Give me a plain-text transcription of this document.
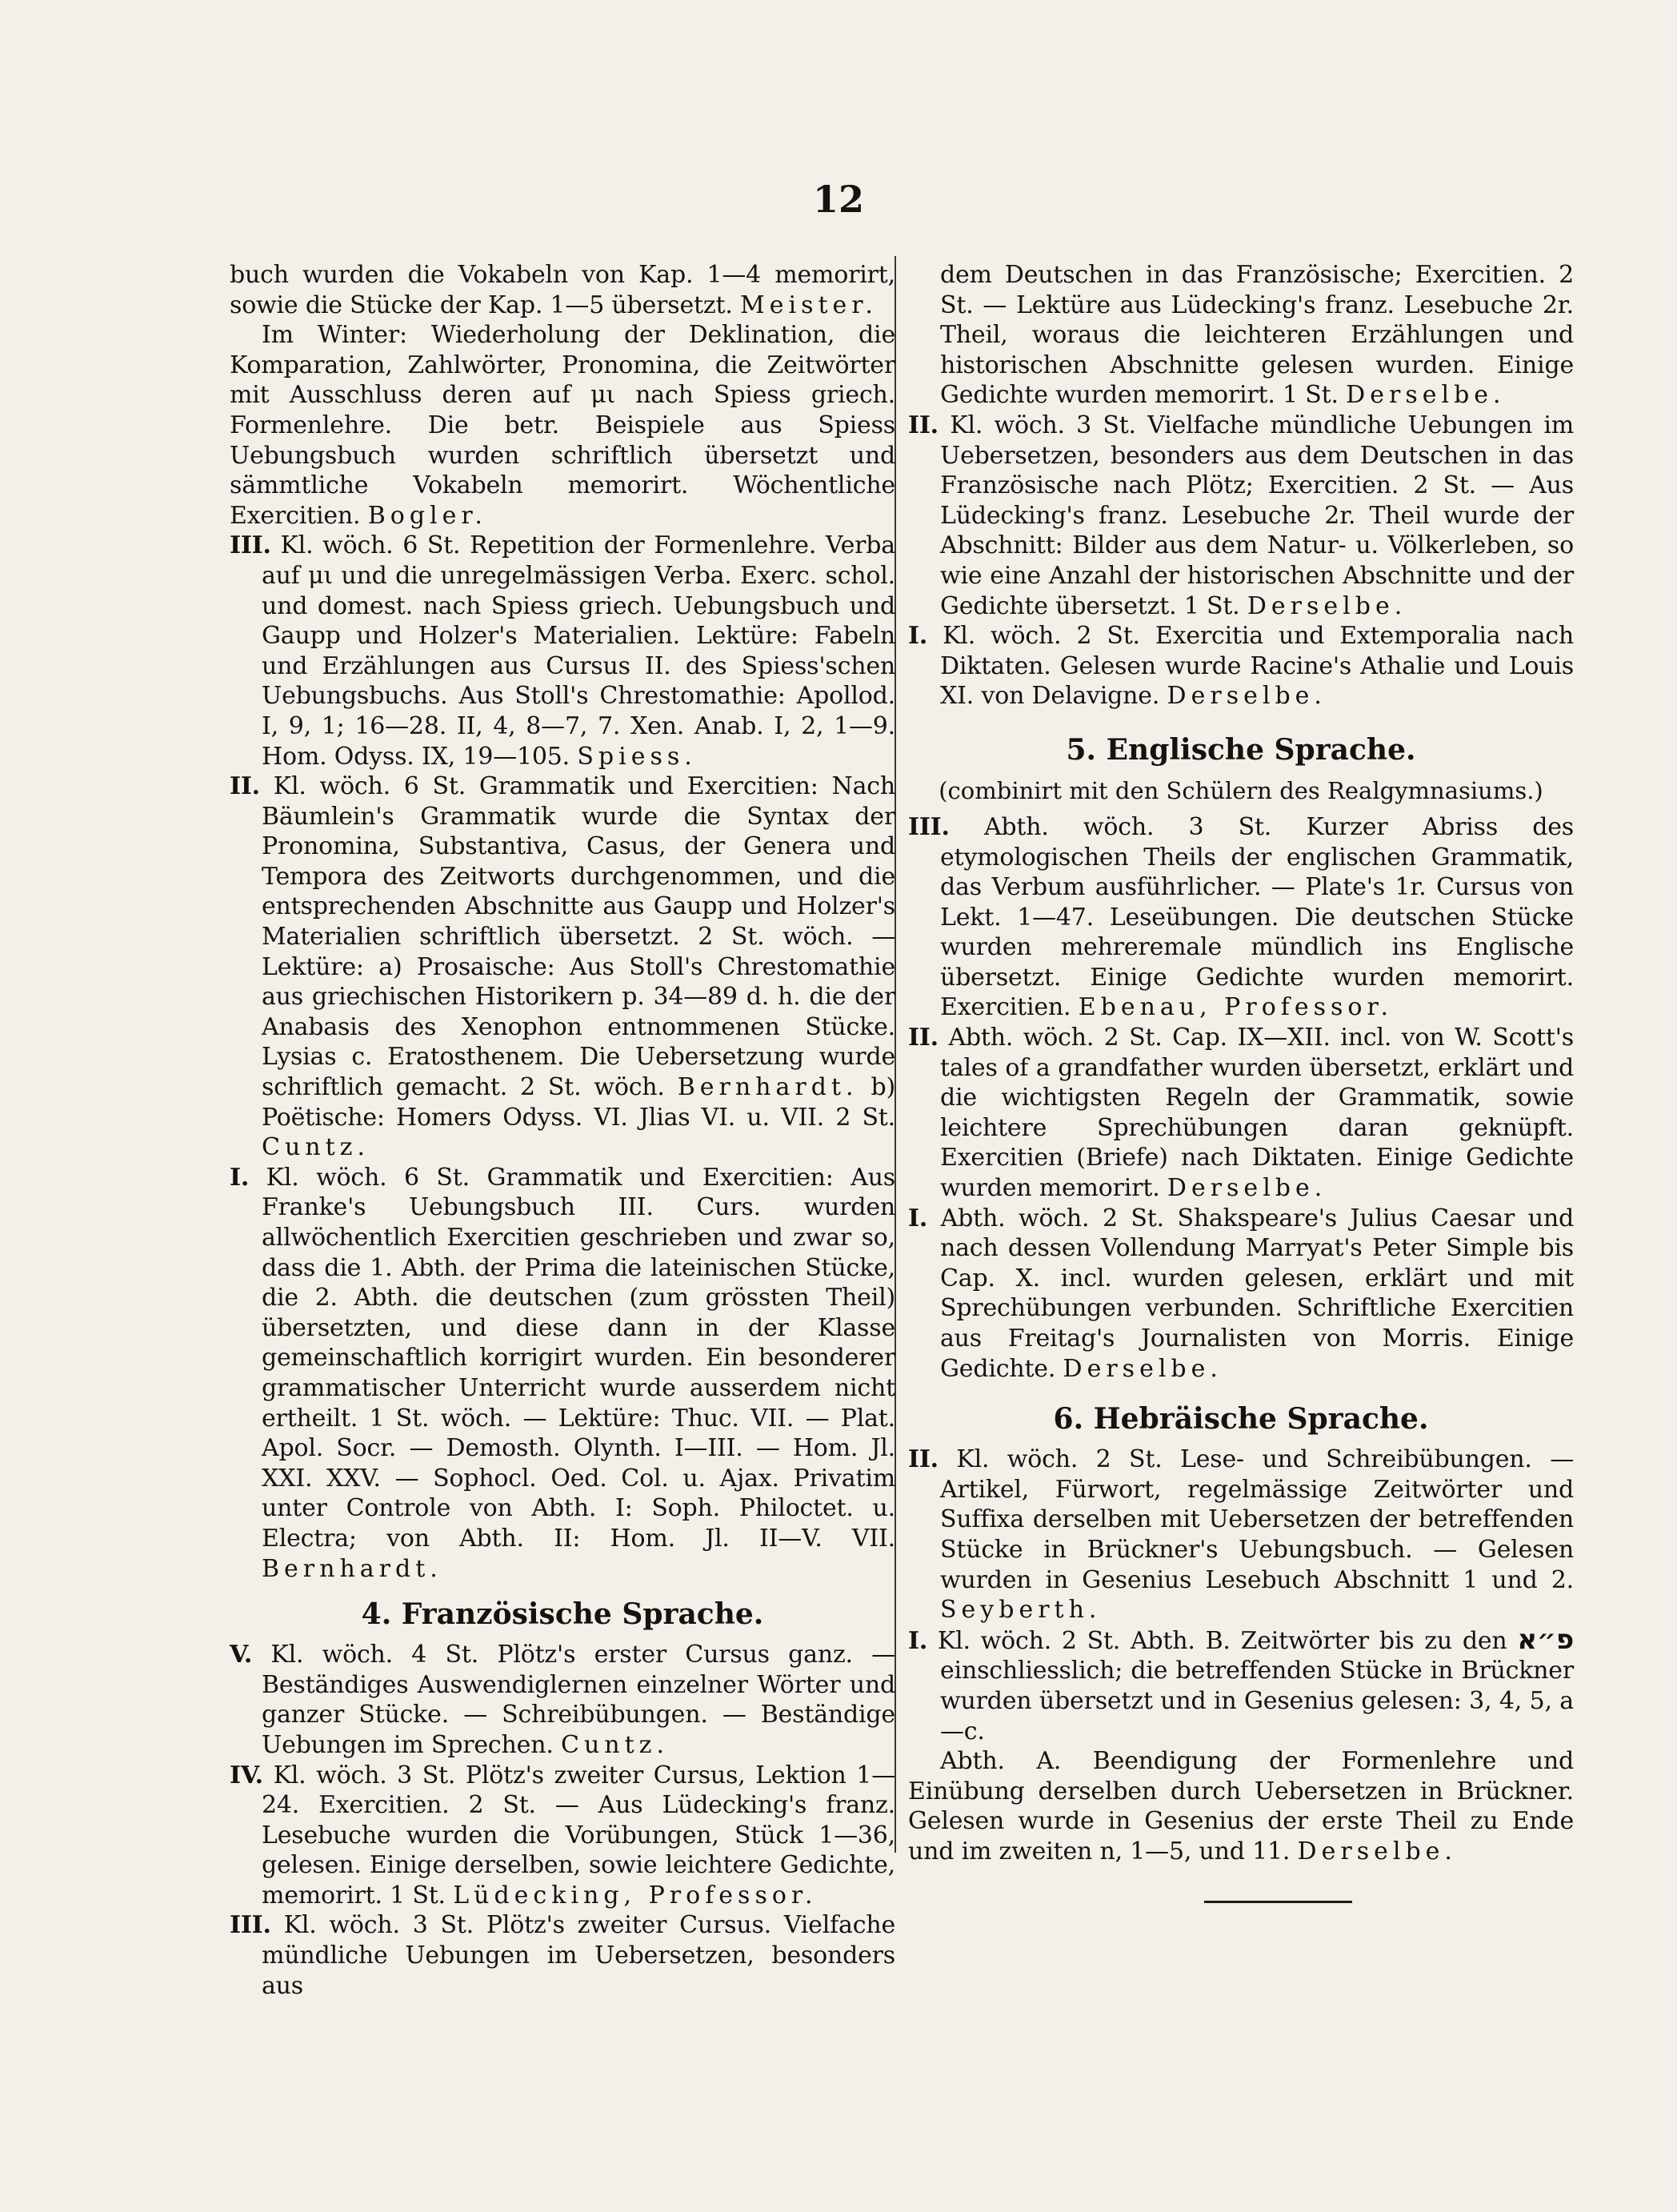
12

buch wurden die Vokabeln von Kap. 1—4 memorirt, sowie die Stücke der Kap. 1—5 übersetzt. Meister.

Im Winter: Wiederholung der Deklination, die Komparation, Zahlwörter, Pronomina, die Zeitwörter mit Ausschluss deren auf μι nach Spiess griech. Formenlehre. Die betr. Beispiele aus Spiess Uebungsbuch wurden schriftlich übersetzt und sämmtliche Vokabeln memorirt. Wöchentliche Exercitien. Bogler.

III. Kl. wöch. 6 St. Repetition der Formenlehre. Verba auf μι und die unregelmässigen Verba. Exerc. schol. und domest. nach Spiess griech. Uebungsbuch und Gaupp und Holzer's Materialien. Lektüre: Fabeln und Erzählungen aus Cursus II. des Spiess'schen Uebungsbuchs. Aus Stoll's Chrestomathie: Apollod. I, 9, 1; 16—28. II, 4, 8—7, 7. Xen. Anab. I, 2, 1—9. Hom. Odyss. IX, 19—105. Spiess.

II. Kl. wöch. 6 St. Grammatik und Exercitien: Nach Bäumlein's Grammatik wurde die Syntax der Pronomina, Substantiva, Casus, der Genera und Tempora des Zeitworts durchgenommen, und die entsprechenden Abschnitte aus Gaupp und Holzer's Materialien schriftlich übersetzt. 2 St. wöch. — Lektüre: a) Prosaische: Aus Stoll's Chrestomathie aus griechischen Historikern p. 34—89 d. h. die der Anabasis des Xenophon entnommenen Stücke. Lysias c. Eratosthenem. Die Uebersetzung wurde schriftlich gemacht. 2 St. wöch. Bernhardt. b) Poëtische: Homers Odyss. VI. Jlias VI. u. VII. 2 St. Cuntz.

I. Kl. wöch. 6 St. Grammatik und Exercitien: Aus Franke's Uebungsbuch III. Curs. wurden allwöchentlich Exercitien geschrieben und zwar so, dass die 1. Abth. der Prima die lateinischen Stücke, die 2. Abth. die deutschen (zum grössten Theil) übersetzten, und diese dann in der Klasse gemeinschaftlich korrigirt wurden. Ein besonderer grammatischer Unterricht wurde ausserdem nicht ertheilt. 1 St. wöch. — Lektüre: Thuc. VII. — Plat. Apol. Socr. — Demosth. Olynth. I—III. — Hom. Jl. XXI. XXV. — Sophocl. Oed. Col. u. Ajax. Privatim unter Controle von Abth. I: Soph. Philoctet. u. Electra; von Abth. II: Hom. Jl. II—V. VII. Bernhardt.

4. Französische Sprache.

V. Kl. wöch. 4 St. Plötz's erster Cursus ganz. — Beständiges Auswendiglernen einzelner Wörter und ganzer Stücke. — Schreibübungen. — Beständige Uebungen im Sprechen. Cuntz.

IV. Kl. wöch. 3 St. Plötz's zweiter Cursus, Lektion 1—24. Exercitien. 2 St. — Aus Lüdecking's franz. Lesebuche wurden die Vorübungen, Stück 1—36, gelesen. Einige derselben, sowie leichtere Gedichte, memorirt. 1 St. Lüdecking, Professor.

III. Kl. wöch. 3 St. Plötz's zweiter Cursus. Vielfache mündliche Uebungen im Uebersetzen, besonders aus

dem Deutschen in das Französische; Exercitien. 2 St. — Lektüre aus Lüdecking's franz. Lesebuche 2r. Theil, woraus die leichteren Erzählungen und historischen Abschnitte gelesen wurden. Einige Gedichte wurden memorirt. 1 St. Derselbe.

II. Kl. wöch. 3 St. Vielfache mündliche Uebungen im Uebersetzen, besonders aus dem Deutschen in das Französische nach Plötz; Exercitien. 2 St. — Aus Lüdecking's franz. Lesebuche 2r. Theil wurde der Abschnitt: Bilder aus dem Natur- u. Völkerleben, so wie eine Anzahl der historischen Abschnitte und der Gedichte übersetzt. 1 St. Derselbe.

I. Kl. wöch. 2 St. Exercitia und Extemporalia nach Diktaten. Gelesen wurde Racine's Athalie und Louis XI. von Delavigne. Derselbe.

5. Englische Sprache.
(combinirt mit den Schülern des Realgymnasiums.)

III. Abth. wöch. 3 St. Kurzer Abriss des etymologischen Theils der englischen Grammatik, das Verbum ausführlicher. — Plate's 1r. Cursus von Lekt. 1—47. Leseübungen. Die deutschen Stücke wurden mehreremale mündlich ins Englische übersetzt. Einige Gedichte wurden memorirt. Exercitien. Ebenau, Professor.

II. Abth. wöch. 2 St. Cap. IX—XII. incl. von W. Scott's tales of a grandfather wurden übersetzt, erklärt und die wichtigsten Regeln der Grammatik, sowie leichtere Sprechübungen daran geknüpft. Exercitien (Briefe) nach Diktaten. Einige Gedichte wurden memorirt. Derselbe.

I. Abth. wöch. 2 St. Shakspeare's Julius Caesar und nach dessen Vollendung Marryat's Peter Simple bis Cap. X. incl. wurden gelesen, erklärt und mit Sprechübungen verbunden. Schriftliche Exercitien aus Freitag's Journalisten von Morris. Einige Gedichte. Derselbe.

6. Hebräische Sprache.

II. Kl. wöch. 2 St. Lese- und Schreibübungen. — Artikel, Fürwort, regelmässige Zeitwörter und Suffixa derselben mit Uebersetzen der betreffenden Stücke in Brückner's Uebungsbuch. — Gelesen wurden in Gesenius Lesebuch Abschnitt 1 und 2. Seyberth.

I. Kl. wöch. 2 St. Abth. B. Zeitwörter bis zu den פ״א einschliesslich; die betreffenden Stücke in Brückner wurden übersetzt und in Gesenius gelesen: 3, 4, 5, a—c.

Abth. A. Beendigung der Formenlehre und Einübung derselben durch Uebersetzen in Brückner. Gelesen wurde in Gesenius der erste Theil zu Ende und im zweiten n, 1—5, und 11. Derselbe.
